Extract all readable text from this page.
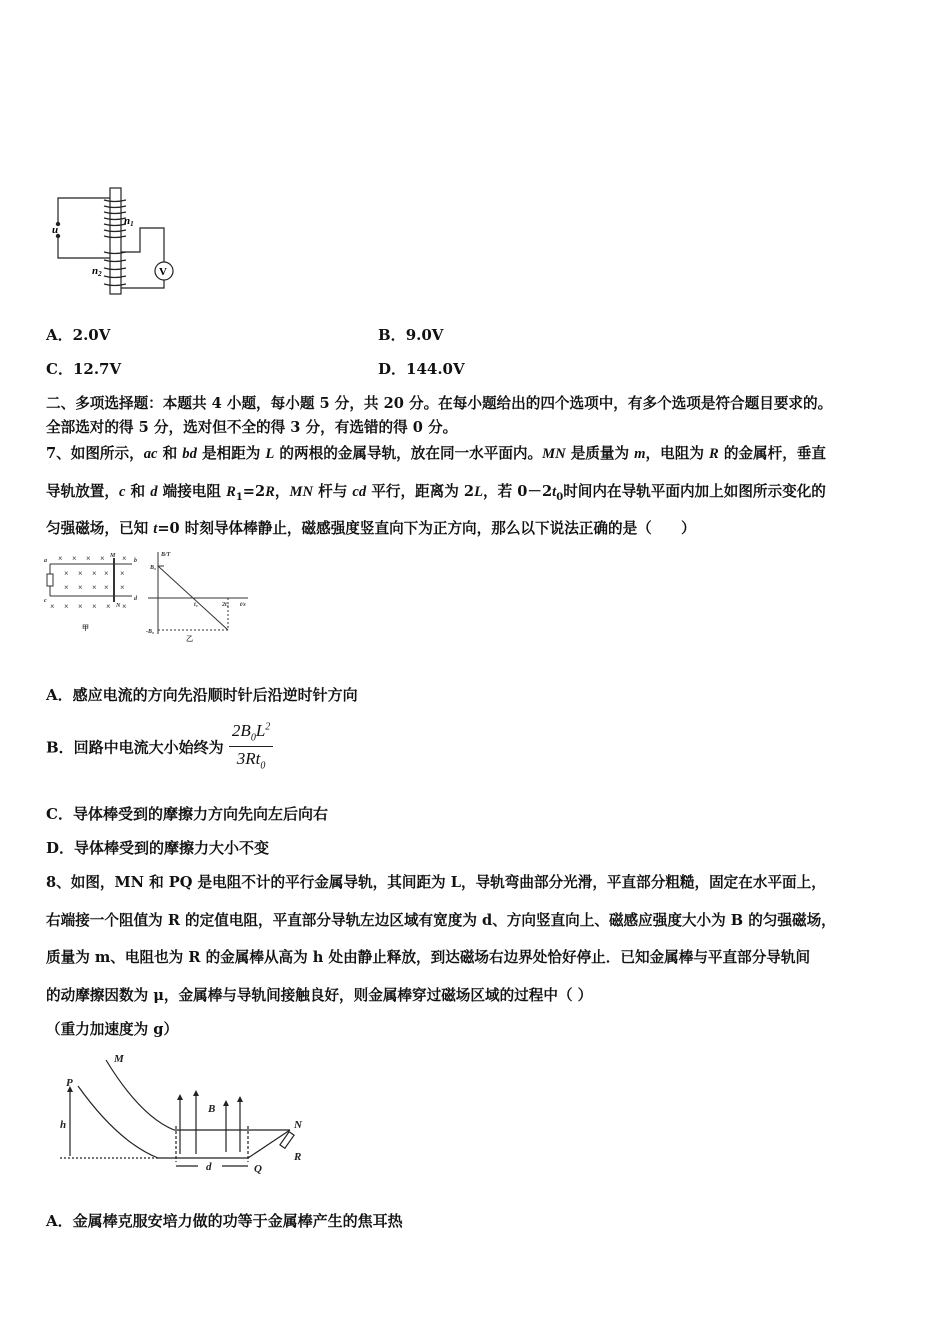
u
n1
n2	V
A．2.0V	B．9.0V
C．12.7V	D．144.0V
二、多项选择题：本题共 4 小题，每小题 5 分，共 20 分。在每小题给出的四个选项中，有多个选项是符合题目要求的。
全部选对的得 5 分，选对但不全的得 3 分，有选错的得 0 分。
7、如图所示，ac 和 bd 是相距为 L 的两根的金属导轨，放在同一水平面内。MN 是质量为 m，电阻为 R 的金属杆，垂直
导轨放置，c 和 d 端接电阻 $R_1=2R$，MN 杆与 cd 平行，距离为 2L，若 $0-2t_0$时间内在导轨平面内加上如图所示变化的
匀强磁场，已知 t=0 时刻导体棒静止，磁感强度竖直向下为正方向，那么以下说法正确的是（　　）
× × × × ×
× × × × ×
× × × × ×
× × × × × ×
a	b
c	d
M
N
甲
B/T
t/s
B₀
-B₀
t₀	2t₀
乙
A．感应电流的方向先沿顺时针后沿逆时针方向
B．回路中电流大小始终为 $\frac{2B_0L^2}{3Rt_0}$
C．导体棒受到的摩擦力方向先向左后向右
D．导体棒受到的摩擦力大小不变
8、如图，MN 和 PQ 是电阻不计的平行金属导轨，其间距为 L，导轨弯曲部分光滑，平直部分粗糙，固定在水平面上，
右端接一个阻值为 R 的定值电阻，平直部分导轨左边区域有宽度为 d、方向竖直向上、磁感应强度大小为 B 的匀强磁场，
质量为 m、电阻也为 R 的金属棒从高为 h 处由静止释放，到达磁场右边界处恰好停止．已知金属棒与平直部分导轨间
的动摩擦因数为 μ，金属棒与导轨间接触良好，则金属棒穿过磁场区域的过程中（ ）
（重力加速度为 g）
M
P
h
B
N
d	Q
R
A．金属棒克服安培力做的功等于金属棒产生的焦耳热
